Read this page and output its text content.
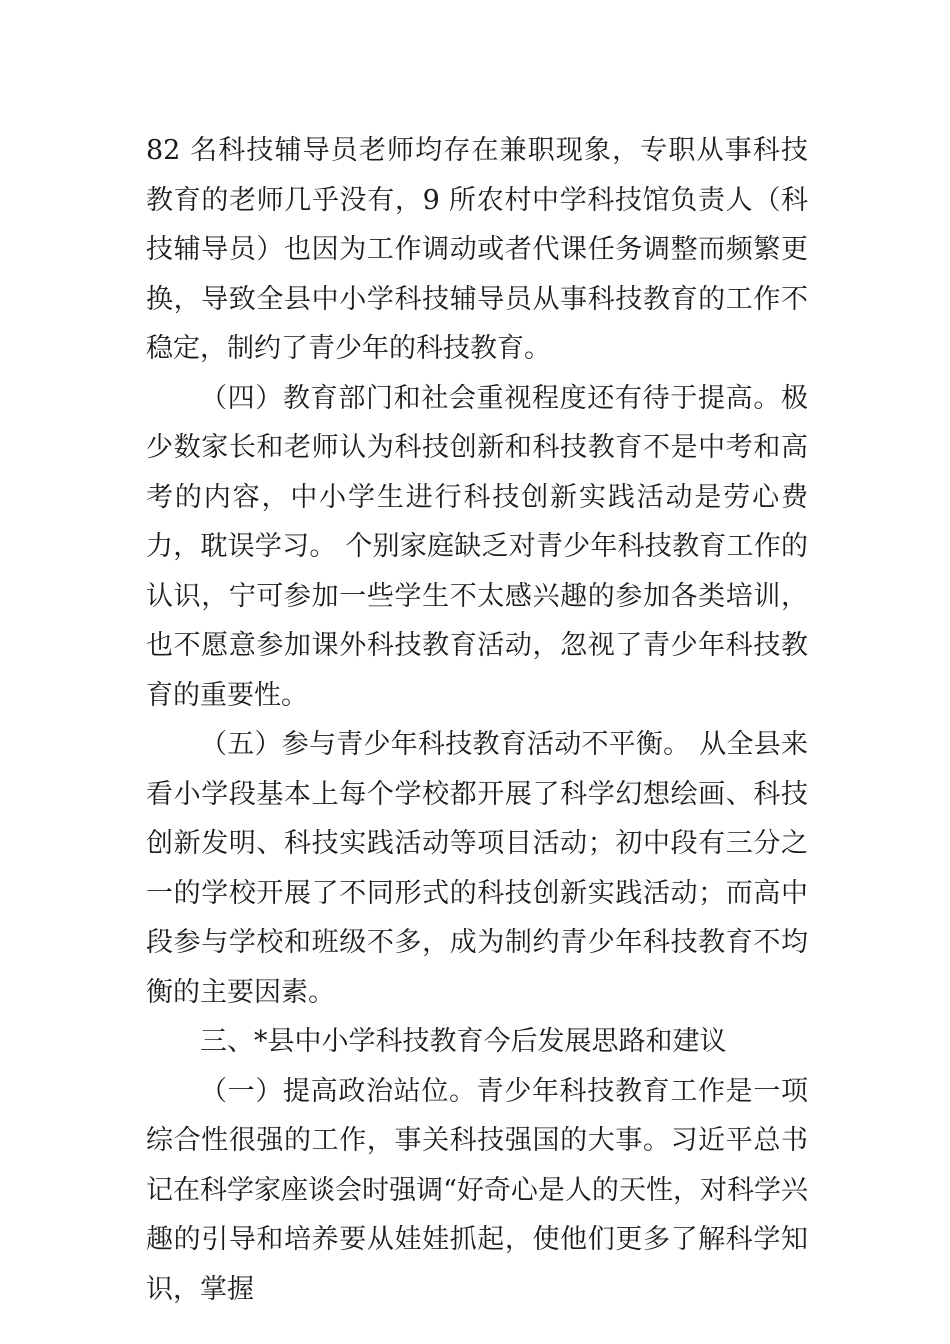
82 名科技辅导员老师均存在兼职现象，专职从事科技教育的老师几乎没有，9 所农村中学科技馆负责人（科技辅导员）也因为工作调动或者代课任务调整而频繁更换，导致全县中小学科技辅导员从事科技教育的工作不稳定，制约了青少年的科技教育。

（四）教育部门和社会重视程度还有待于提高。极少数家长和老师认为科技创新和科技教育不是中考和高考的内容，中小学生进行科技创新实践活动是劳心费力，耽误学习。 个别家庭缺乏对青少年科技教育工作的认识，宁可参加一些学生不太感兴趣的参加各类培训，也不愿意参加课外科技教育活动，忽视了青少年科技教育的重要性。

（五）参与青少年科技教育活动不平衡。 从全县来看小学段基本上每个学校都开展了科学幻想绘画、科技创新发明、科技实践活动等项目活动；初中段有三分之一的学校开展了不同形式的科技创新实践活动；而高中段参与学校和班级不多，成为制约青少年科技教育不均衡的主要因素。

三、*县中小学科技教育今后发展思路和建议

（一）提高政治站位。青少年科技教育工作是一项综合性很强的工作，事关科技强国的大事。习近平总书记在科学家座谈会时强调“好奇心是人的天性，对科学兴趣的引导和培养要从娃娃抓起，使他们更多了解科学知识，掌握
